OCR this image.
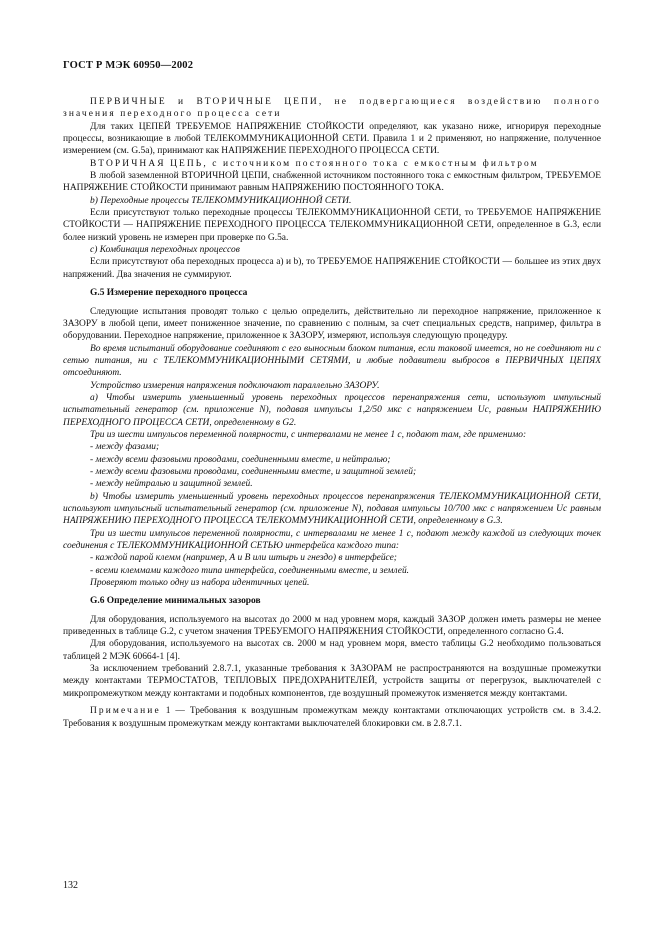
ГОСТ Р МЭК 60950—2002

ПЕРВИЧНЫЕ и ВТОРИЧНЫЕ ЦЕПИ, не подвергающиеся воздействию полного значения переходного процесса сети

Для таких ЦЕПЕЙ ТРЕБУЕМОЕ НАПРЯЖЕНИЕ СТОЙКОСТИ определяют, как указано ниже, игнорируя переходные процессы, возникающие в любой ТЕЛЕКОММУНИКАЦИОННОЙ СЕТИ. Правила 1 и 2 применяют, но напряжение, полученное измерением (см. G.5а), принимают как НАПРЯЖЕНИЕ ПЕРЕХОДНОГО ПРОЦЕССА СЕТИ.

ВТОРИЧНАЯ ЦЕПЬ, с источником постоянного тока с емкостным фильтром

В любой заземленной ВТОРИЧНОЙ ЦЕПИ, снабженной источником постоянного тока с емкостным фильтром, ТРЕБУЕМОЕ НАПРЯЖЕНИЕ СТОЙКОСТИ принимают равным НАПРЯЖЕНИЮ ПОСТОЯННОГО ТОКА.

b) Переходные процессы ТЕЛЕКОММУНИКАЦИОННОЙ СЕТИ.

Если присутствуют только переходные процессы ТЕЛЕКОММУНИКАЦИОННОЙ СЕТИ, то ТРЕБУЕМОЕ НАПРЯЖЕНИЕ СТОЙКОСТИ — НАПРЯЖЕНИЕ ПЕРЕХОДНОГО ПРОЦЕССА ТЕЛЕКОММУНИКАЦИОННОЙ СЕТИ, определенное в G.3, если более низкий уровень не измерен при проверке по G.5а.

с) Комбинация переходных процессов

Если присутствуют оба переходных процесса а) и b), то ТРЕБУЕМОЕ НАПРЯЖЕНИЕ СТОЙКОСТИ — большее из этих двух напряжений. Два значения не суммируют.

G.5 Измерение переходного процесса

Следующие испытания проводят только с целью определить, действительно ли переходное напряжение, приложенное к ЗАЗОРУ в любой цепи, имеет пониженное значение, по сравнению с полным, за счет специальных средств, например, фильтра в оборудовании. Переходное напряжение, приложенное к ЗАЗОРУ, измеряют, используя следующую процедуру.

Во время испытаний оборудование соединяют с его выносным блоком питания, если таковой имеется, но не соединяют ни с сетью питания, ни с ТЕЛЕКОММУНИКАЦИОННЫМИ СЕТЯМИ, и любые подавители выбросов в ПЕРВИЧНЫХ ЦЕПЯХ отсоединяют.

Устройство измерения напряжения подключают параллельно ЗАЗОРУ.

а) Чтобы измерить уменьшенный уровень переходных процессов перенапряжения сети, используют импульсный испытательный генератор (см. приложение N), подавая импульсы 1,2/50 мкс с напряжением Uс, равным НАПРЯЖЕНИЮ ПЕРЕХОДНОГО ПРОЦЕССА СЕТИ, определенному в G2.

Три из шести импульсов переменной полярности, с интервалами не менее 1 с, подают там, где применимо:

- между фазами;

- между всеми фазовыми проводами, соединенными вместе, и нейтралью;

- между всеми фазовыми проводами, соединенными вместе, и защитной землей;

- между нейтралью и защитной землей.

b) Чтобы измерить уменьшенный уровень переходных процессов перенапряжения ТЕЛЕКОММУНИКАЦИОННОЙ СЕТИ, используют импульсный испытательный генератор (см. приложение N), подавая импульсы 10/700 мкс с напряжением Uс равным НАПРЯЖЕНИЮ ПЕРЕХОДНОГО ПРОЦЕССА ТЕЛЕКОММУНИКАЦИОННОЙ СЕТИ, определенному в G.3.

Три из шести импульсов переменной полярности, с интервалами не менее 1 с, подают между каждой из следующих точек соединения с ТЕЛЕКОММУНИКАЦИОННОЙ СЕТЬЮ интерфейса каждого типа:

- каждой парой клемм (например, А и В или штырь и гнездо) в интерфейсе;

- всеми клеммами каждого типа интерфейса, соединенными вместе, и землей.

Проверяют только одну из набора идентичных цепей.

G.6 Определение минимальных зазоров

Для оборудования, используемого на высотах до 2000 м над уровнем моря, каждый ЗАЗОР должен иметь размеры не менее приведенных в таблице G.2, с учетом значения ТРЕБУЕМОГО НАПРЯЖЕНИЯ СТОЙКОСТИ, определенного согласно G.4.

Для оборудования, используемого на высотах св. 2000 м над уровнем моря, вместо таблицы G.2 необходимо пользоваться таблицей 2 МЭК 60664-1 [4].

За исключением требований 2.8.7.1, указанные требования к ЗАЗОРАМ не распространяются на воздушные промежутки между контактами ТЕРМОСТАТОВ, ТЕПЛОВЫХ ПРЕДОХРАНИТЕЛЕЙ, устройств защиты от перегрузок, выключателей с микропромежутком между контактами и подобных компонентов, где воздушный промежуток изменяется между контактами.

Примечание 1 — Требования к воздушным промежуткам между контактами отключающих устройств см. в 3.4.2. Требования к воздушным промежуткам между контактами выключателей блокировки см. в 2.8.7.1.

132
